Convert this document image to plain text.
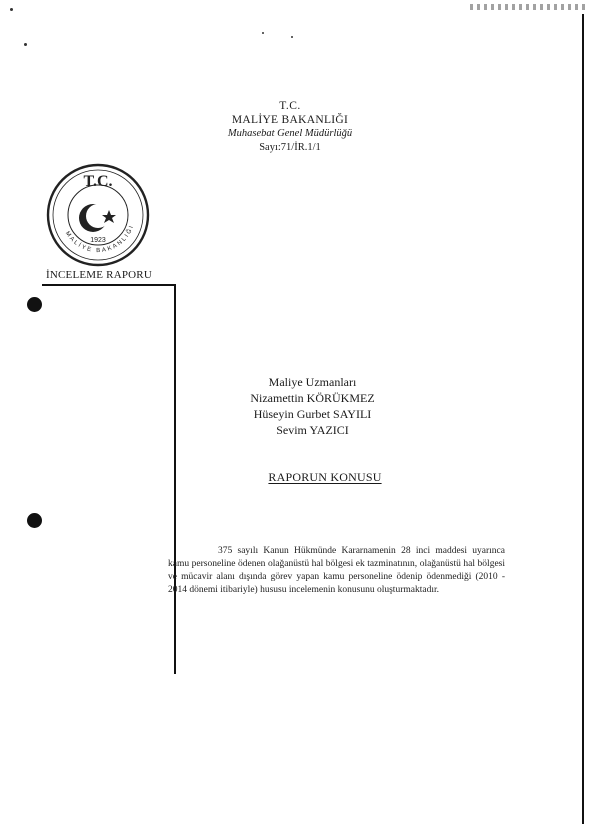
T.C.
MALİYE BAKANLIĞI
Muhasebat Genel Müdürlüğü
Sayı:71/İR.1/1
T.C.
MALİYE BAKANLIĞI
1923
İNCELEME RAPORU
Maliye Uzmanları
Nizamettin KÖRÜKMEZ
Hüseyin Gurbet SAYILI
Sevim YAZICI
RAPORUN KONUSU

375 sayılı Kanun Hükmünde Kararnamenin 28 inci maddesi uyarınca kamu personeline ödenen olağanüstü hal bölgesi ek tazminatının, olağanüstü hal bölgesi ve mücavir alanı dışında görev yapan kamu personeline ödenip ödenmediği (2010 - 2014 dönemi itibariyle) hususu incelemenin konusunu oluşturmaktadır.
